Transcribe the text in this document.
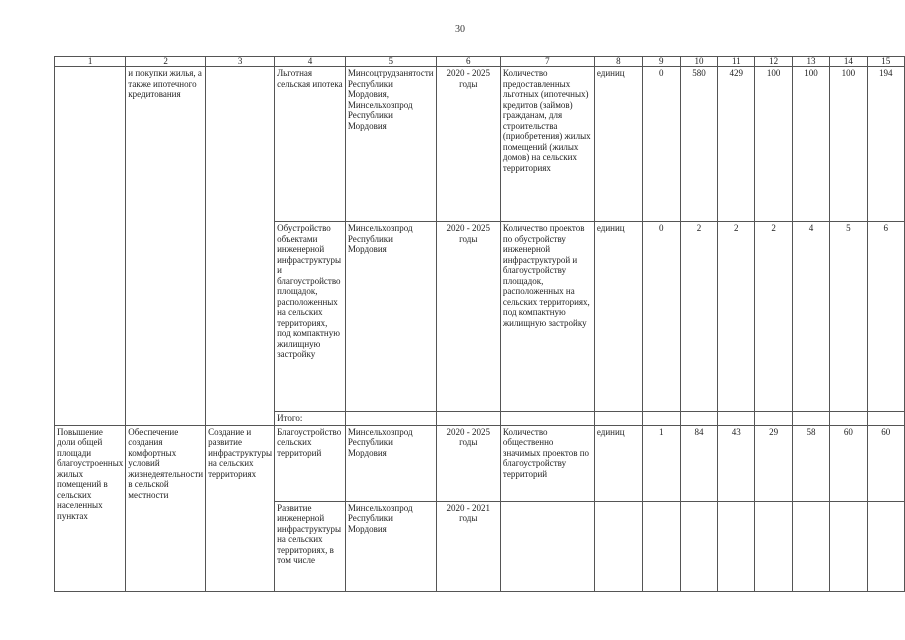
30
1	2	3	4	5	6	7	8	9	10	11	12	13	14	15
	и покупки жилья, а также ипотечного кредитования		Льготная сельская ипотека	Минсоцтрудзанятости Республики Мордовия, Минсельхозпрод Республики Мордовия	2020 - 2025 годы	Количество предоставленных льготных (ипотечных) кредитов (займов) гражданам, для строительства (приобретения) жилых помещений (жилых домов) на сельских территориях	единиц	0	580	429	100	100	100	194
			Обустройство объектами инженерной инфраструктуры и благоустройство площадок, расположенных на сельских территориях, под компактную жилищную застройку	Минсельхозпрод Республики Мордовия	2020 - 2025 годы	Количество проектов по обустройству инженерной инфраструктурой и благоустройству площадок, расположенных на сельских территориях, под компактную жилищную застройку	единиц	0	2	2	2	4	5	6
			Итого:											
Повышение доли общей площади благоустроенных жилых помещений в сельских населенных пунктах	Обеспечение создания комфортных условий жизнедеятельности в сельской местности	Создание и развитие инфраструктуры на сельских территориях	Благоустройство сельских территорий	Минсельхозпрод Республики Мордовия	2020 - 2025 годы	Количество общественно значимых проектов по благоустройству территорий	единиц	1	84	43	29	58	60	60
			Развитие инженерной инфраструктуры на сельских территориях, в том числе	Минсельхозпрод Республики Мордовия	2020 - 2021 годы									
